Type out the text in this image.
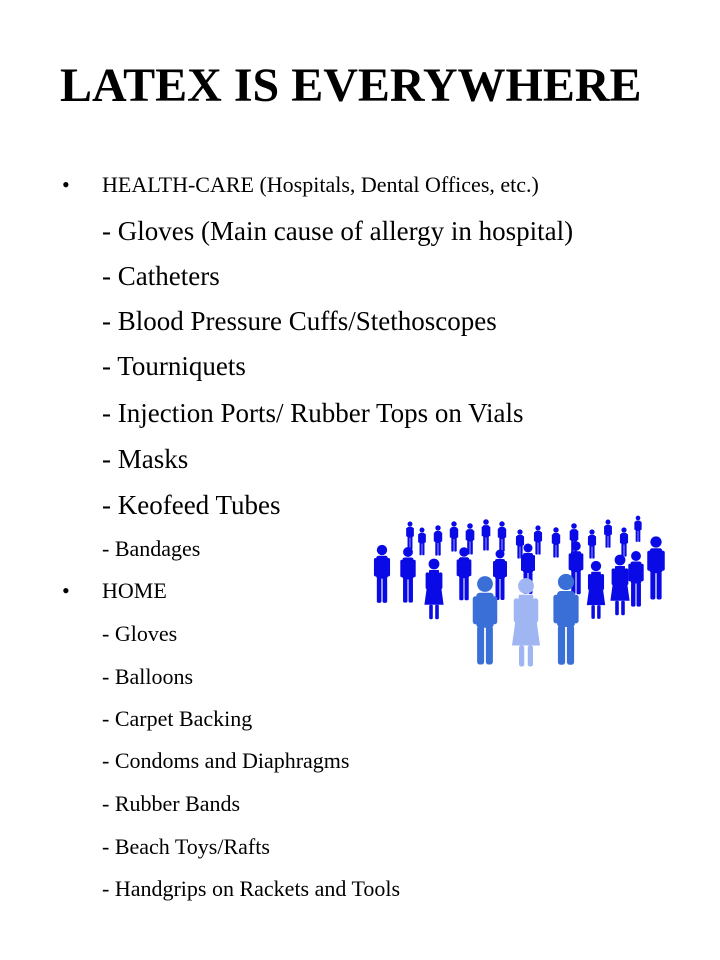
LATEX IS EVERYWHERE
• HEALTH-CARE (Hospitals, Dental Offices, etc.)
- Gloves (Main cause of allergy in hospital)
- Catheters
- Blood Pressure Cuffs/Stethoscopes
- Tourniquets
- Injection Ports/ Rubber Tops on Vials
- Masks
- Keofeed Tubes
- Bandages
• HOME
- Gloves
- Balloons
- Carpet Backing
- Condoms and Diaphragms
- Rubber Bands
- Beach Toys/Rafts
- Handgrips on Rackets and Tools
